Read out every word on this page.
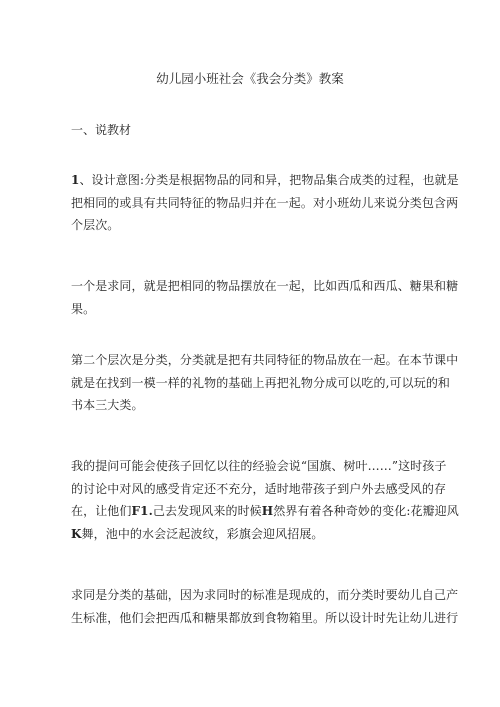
幼儿园小班社会《我会分类》教案
一、说教材
1、设计意图:分类是根据物品的同和异，把物品集合成类的过程，也就是
把相同的或具有共同特征的物品归并在一起。对小班幼儿来说分类包含两
个层次。
一个是求同，就是把相同的物品摆放在一起，比如西瓜和西瓜、糖果和糖
果。
第二个层次是分类，分类就是把有共同特征的物品放在一起。在本节课中
就是在找到一模一样的礼物的基础上再把礼物分成可以吃的,可以玩的和
书本三大类。
我的提问可能会使孩子回忆以往的经验会说“国旗、树叶……”这时孩子
的讨论中对风的感受肯定还不充分，适时地带孩子到户外去感受风的存
在，让他们F1.己去发现风来的时候H然界有着各种奇妙的变化:花瓣迎风
K舞，池中的水会泛起波纹，彩旗会迎风招展。
求同是分类的基础，因为求同时的标准是现成的，而分类时要幼儿自己产
生标准，他们会把西瓜和糖果都放到食物箱里。所以设计时先让幼儿进行
